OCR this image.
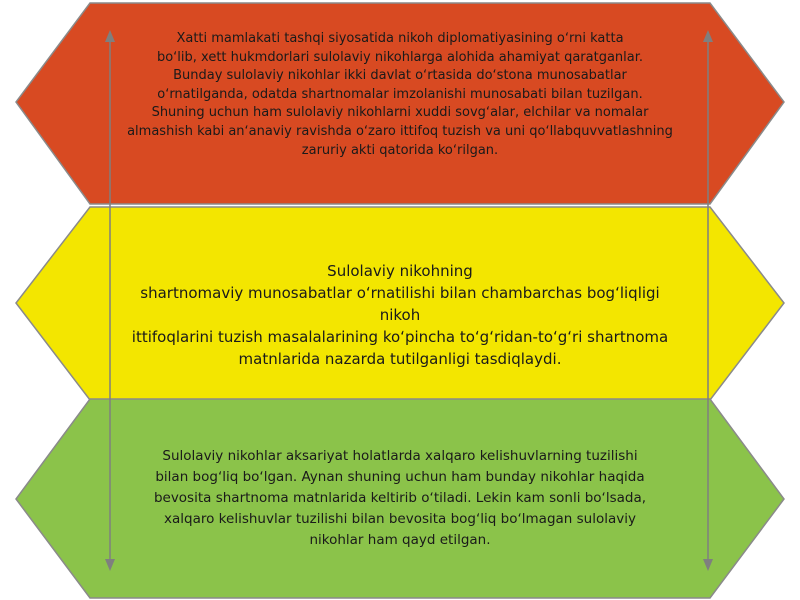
Xatti mamlakati tashqi siyosatida nikoh diplomatiyasining oʻrni katta
boʻlib, xett hukmdorlari sulolaviy nikohlarga alohida ahamiyat qaratganlar.
Bunday sulolaviy nikohlar ikki davlat oʻrtasida doʻstona munosabatlar
oʻrnatilganda, odatda shartnomalar imzolanishi munosabati bilan tuzilgan.
Shuning uchun ham sulolaviy nikohlarni xuddi sovgʻalar, elchilar va nomalar
almashish kabi anʻanaviy ravishda oʻzaro ittifoq tuzish va uni qoʻllabquvvatlashning
zaruriy akti qatorida koʻrilgan.
Sulolaviy nikohning
shartnomaviy munosabatlar oʻrnatilishi bilan chambarchas bogʻliqligi
nikoh
ittifoqlarini tuzish masalalarining koʻpincha toʻgʻridan-toʻgʻri shartnoma
matnlarida nazarda tutilganligi tasdiqlaydi.
Sulolaviy nikohlar aksariyat holatlarda xalqaro kelishuvlarning tuzilishi
bilan bogʻliq boʻlgan. Aynan shuning uchun ham bunday nikohlar haqida
bevosita shartnoma matnlarida keltirib oʻtiladi. Lekin kam sonli boʻlsada,
xalqaro kelishuvlar tuzilishi bilan bevosita bogʻliq boʻlmagan sulolaviy
nikohlar ham qayd etilgan.
